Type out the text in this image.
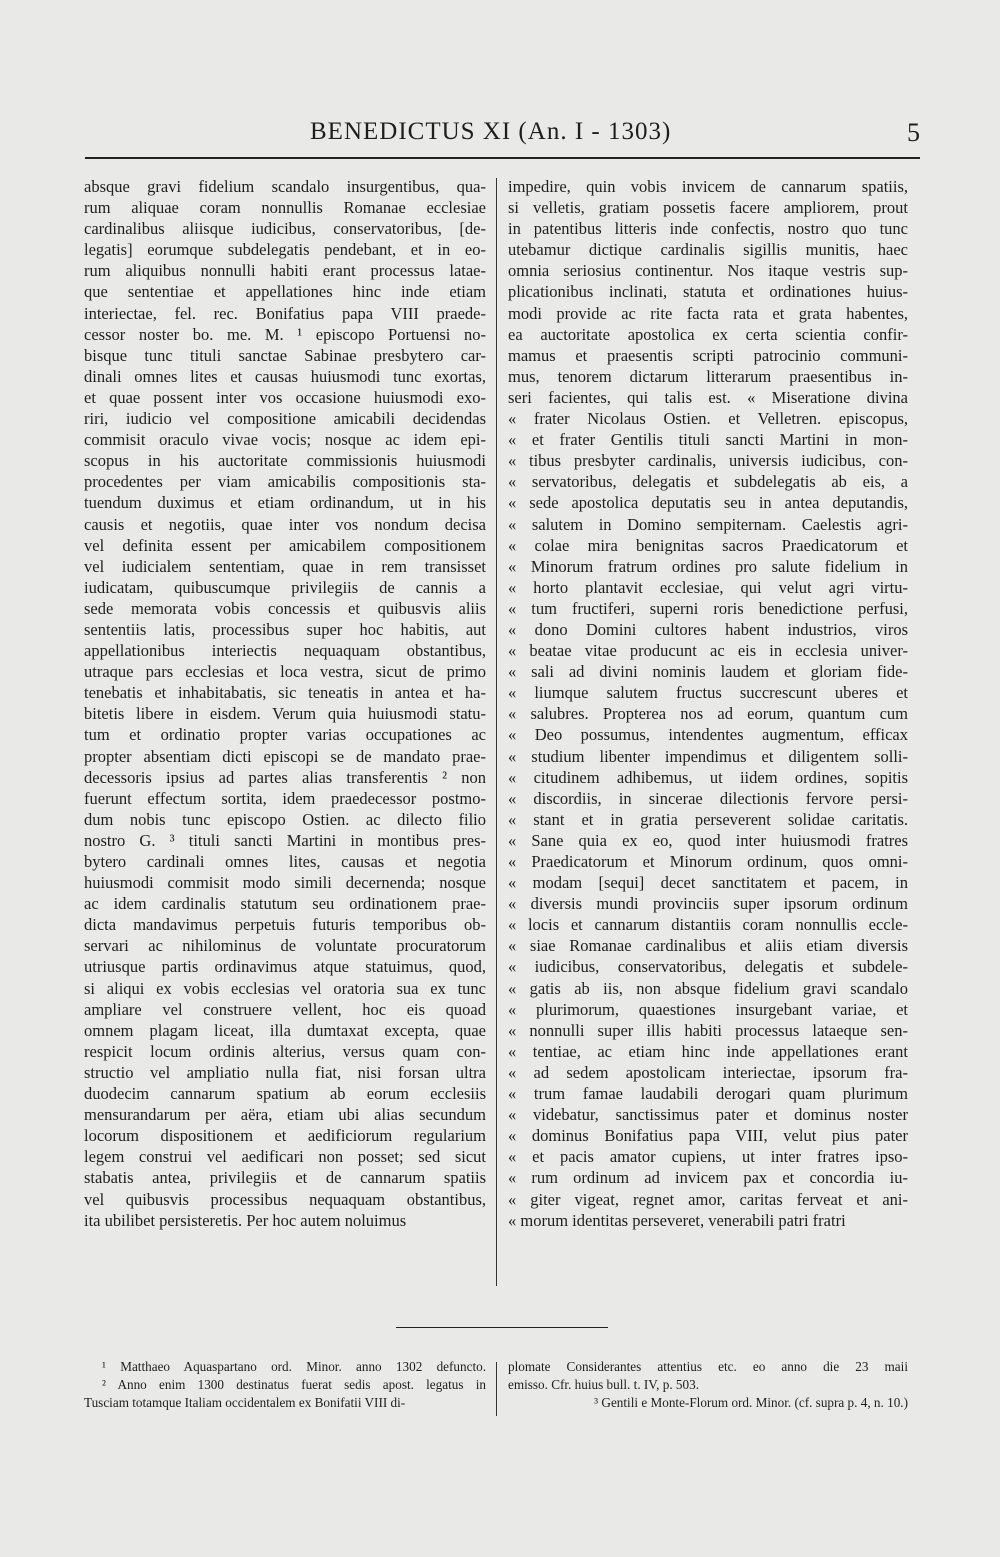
BENEDICTUS XI (An. I - 1303)	5
absque gravi fidelium scandalo insurgentibus, qua-
rum aliquae coram nonnullis Romanae ecclesiae
cardinalibus aliisque iudicibus, conservatoribus, [de-
legatis] eorumque subdelegatis pendebant, et in eo-
rum aliquibus nonnulli habiti erant processus latae-
que sententiae et appellationes hinc inde etiam
interiectae, fel. rec. Bonifatius papa VIII praede-
cessor noster bo. me. M. ¹ episcopo Portuensi no-
bisque tunc tituli sanctae Sabinae presbytero car-
dinali omnes lites et causas huiusmodi tunc exortas,
et quae possent inter vos occasione huiusmodi exo-
riri, iudicio vel compositione amicabili decidendas
commisit oraculo vivae vocis; nosque ac idem epi-
scopus in his auctoritate commissionis huiusmodi
procedentes per viam amicabilis compositionis sta-
tuendum duximus et etiam ordinandum, ut in his
causis et negotiis, quae inter vos nondum decisa
vel definita essent per amicabilem compositionem
vel iudicialem sententiam, quae in rem transisset
iudicatam, quibuscumque privilegiis de cannis a
sede memorata vobis concessis et quibusvis aliis
sententiis latis, processibus super hoc habitis, aut
appellationibus interiectis nequaquam obstantibus,
utraque pars ecclesias et loca vestra, sicut de primo
tenebatis et inhabitabatis, sic teneatis in antea et ha-
bitetis libere in eisdem. Verum quia huiusmodi statu-
tum et ordinatio propter varias occupationes ac
propter absentiam dicti episcopi se de mandato prae-
decessoris ipsius ad partes alias transferentis ² non
fuerunt effectum sortita, idem praedecessor postmo-
dum nobis tunc episcopo Ostien. ac dilecto filio
nostro G. ³ tituli sancti Martini in montibus pres-
bytero cardinali omnes lites, causas et negotia
huiusmodi commisit modo simili decernenda; nosque
ac idem cardinalis statutum seu ordinationem prae-
dicta mandavimus perpetuis futuris temporibus ob-
servari ac nihilominus de voluntate procuratorum
utriusque partis ordinavimus atque statuimus, quod,
si aliqui ex vobis ecclesias vel oratoria sua ex tunc
ampliare vel construere vellent, hoc eis quoad
omnem plagam liceat, illa dumtaxat excepta, quae
respicit locum ordinis alterius, versus quam con-
structio vel ampliatio nulla fiat, nisi forsan ultra
duodecim cannarum spatium ab eorum ecclesiis
mensurandarum per aëra, etiam ubi alias secundum
locorum dispositionem et aedificiorum regularium
legem construi vel aedificari non posset; sed sicut
stabatis antea, privilegiis et de cannarum spatiis
vel quibusvis processibus nequaquam obstantibus,
ita ubilibet persisteretis. Per hoc autem noluimus
impedire, quin vobis invicem de cannarum spatiis,
si velletis, gratiam possetis facere ampliorem, prout
in patentibus litteris inde confectis, nostro quo tunc
utebamur dictique cardinalis sigillis munitis, haec
omnia seriosius continentur. Nos itaque vestris sup-
plicationibus inclinati, statuta et ordinationes huius-
modi provide ac rite facta rata et grata habentes,
ea auctoritate apostolica ex certa scientia confir-
mamus et praesentis scripti patrocinio communi-
mus, tenorem dictarum litterarum praesentibus in-
seri facientes, qui talis est. « Miseratione divina
« frater Nicolaus Ostien. et Velletren. episcopus,
« et frater Gentilis tituli sancti Martini in mon-
« tibus presbyter cardinalis, universis iudicibus, con-
« servatoribus, delegatis et subdelegatis ab eis, a
« sede apostolica deputatis seu in antea deputandis,
« salutem in Domino sempiternam. Caelestis agri-
« colae mira benignitas sacros Praedicatorum et
« Minorum fratrum ordines pro salute fidelium in
« horto plantavit ecclesiae, qui velut agri virtu-
« tum fructiferi, superni roris benedictione perfusi,
« dono Domini cultores habent industrios, viros
« beatae vitae producunt ac eis in ecclesia univer-
« sali ad divini nominis laudem et gloriam fide-
« liumque salutem fructus succrescunt uberes et
« salubres. Propterea nos ad eorum, quantum cum
« Deo possumus, intendentes augmentum, efficax
« studium libenter impendimus et diligentem solli-
« citudinem adhibemus, ut iidem ordines, sopitis
« discordiis, in sincerae dilectionis fervore persi-
« stant et in gratia perseverent solidae caritatis.
« Sane quia ex eo, quod inter huiusmodi fratres
« Praedicatorum et Minorum ordinum, quos omni-
« modam [sequi] decet sanctitatem et pacem, in
« diversis mundi provinciis super ipsorum ordinum
« locis et cannarum distantiis coram nonnullis eccle-
« siae Romanae cardinalibus et aliis etiam diversis
« iudicibus, conservatoribus, delegatis et subdele-
« gatis ab iis, non absque fidelium gravi scandalo
« plurimorum, quaestiones insurgebant variae, et
« nonnulli super illis habiti processus lataeque sen-
« tentiae, ac etiam hinc inde appellationes erant
« ad sedem apostolicam interiectae, ipsorum fra-
« trum famae laudabili derogari quam plurimum
« videbatur, sanctissimus pater et dominus noster
« dominus Bonifatius papa VIII, velut pius pater
« et pacis amator cupiens, ut inter fratres ipso-
« rum ordinum ad invicem pax et concordia iu-
« giter vigeat, regnet amor, caritas ferveat et ani-
« morum identitas perseveret, venerabili patri fratri
¹ Matthaeo Aquaspartano ord. Minor. anno 1302 defuncto.
² Anno enim 1300 destinatus fuerat sedis apost. legatus in
Tusciam totamque Italiam occidentalem ex Bonifatii VIII di-
plomate Considerantes attentius etc. eo anno die 23 maii
emisso. Cfr. huius bull. t. IV, p. 503.
³ Gentili e Monte-Florum ord. Minor. (cf. supra p. 4, n. 10.)
